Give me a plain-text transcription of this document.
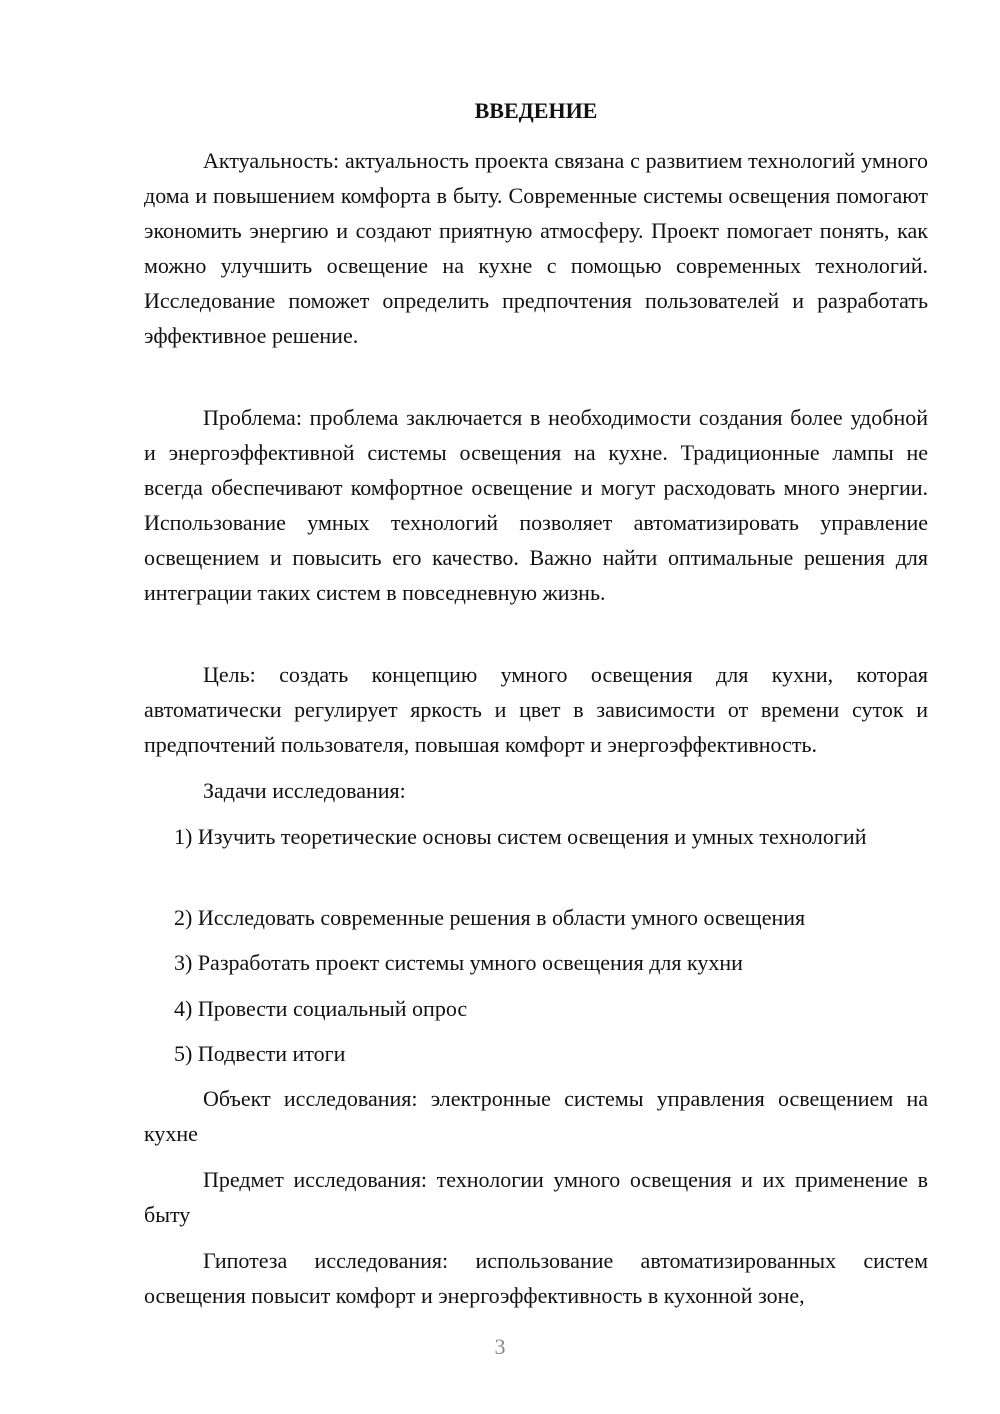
ВВЕДЕНИЕ

Актуальность: актуальность проекта связана с развитием технологий умного дома и повышением комфорта в быту. Современные системы освещения помогают экономить энергию и создают приятную атмосферу. Проект помогает понять, как можно улучшить освещение на кухне с помощью современных технологий. Исследование поможет определить предпочтения пользователей и разработать эффективное решение.

Проблема: проблема заключается в необходимости создания более удобной и энергоэффективной системы освещения на кухне. Традиционные лампы не всегда обеспечивают комфортное освещение и могут расходовать много энергии. Использование умных технологий позволяет автоматизировать управление освещением и повысить его качество. Важно найти оптимальные решения для интеграции таких систем в повседневную жизнь.

Цель: создать концепцию умного освещения для кухни, которая автоматически регулирует яркость и цвет в зависимости от времени суток и предпочтений пользователя, повышая комфорт и энергоэффективность.

Задачи исследования:

1) Изучить теоретические основы систем освещения и умных технологий

2) Исследовать современные решения в области умного освещения

3) Разработать проект системы умного освещения для кухни

4) Провести социальный опрос

5) Подвести итоги

Объект исследования: электронные системы управления освещением на кухне

Предмет исследования: технологии умного освещения и их применение в быту

Гипотеза исследования: использование автоматизированных систем освещения повысит комфорт и энергоэффективность в кухонной зоне,

3
